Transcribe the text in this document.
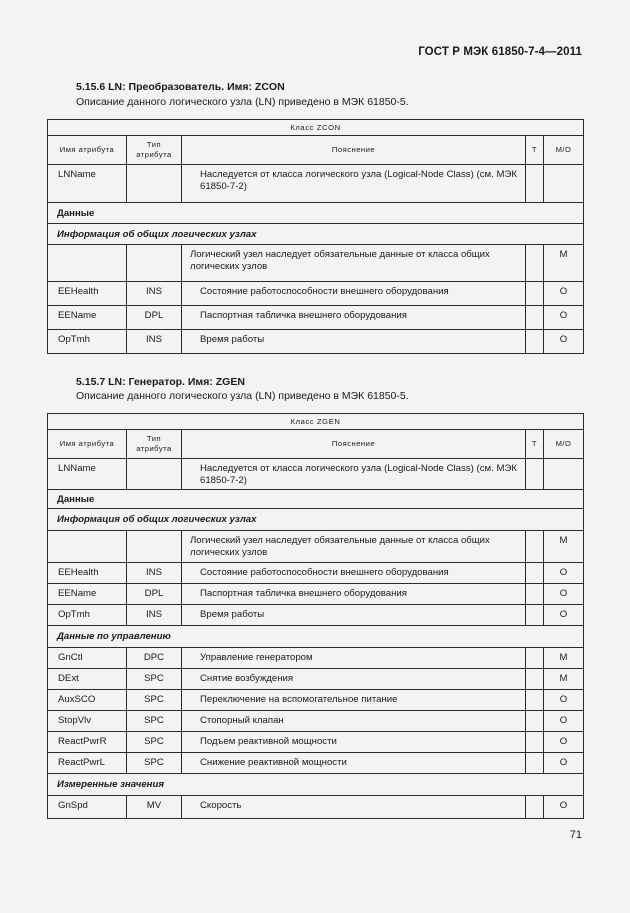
ГОСТ Р МЭК 61850-7-4—2011
5.15.6 LN: Преобразователь. Имя: ZCON
Описание данного логического узла (LN) приведено в МЭК 61850-5.
Класс ZCON				
Имя атрибута	Тип атрибута	Пояснение	Т	М/О
LNName		Наследуется от класса логического узла (Logical-Node Class) (см. МЭК 61850-7-2)		
Данные				
Информация об общих логических узлах				
		Логический узел наследует обязательные данные от класса общих логических узлов		М
EEHealth	INS	Состояние работоспособности внешнего оборудования		О
EEName	DPL	Паспортная табличка внешнего оборудования		О
OpTmh	INS	Время работы		О
5.15.7 LN: Генератор. Имя: ZGEN
Описание данного логического узла (LN) приведено в МЭК 61850-5.
Класс ZGEN				
Имя атрибута	Тип атрибута	Пояснение	Т	М/О
LNName		Наследуется от класса логического узла (Logical-Node Class) (см. МЭК 61850-7-2)		
Данные				
Информация об общих логических узлах				
		Логический узел наследует обязательные данные от класса общих логических узлов		М
EEHealth	INS	Состояние работоспособности внешнего оборудования		О
EEName	DPL	Паспортная табличка внешнего оборудования		О
OpTmh	INS	Время работы		О
Данные по управлению				
GnCtl	DPC	Управление генератором		М
DExt	SPC	Снятие возбуждения		М
AuxSCO	SPC	Переключение на вспомогательное питание		О
StopVlv	SPC	Стопорный клапан		О
ReactPwrR	SPC	Подъем реактивной мощности		О
ReactPwrL	SPC	Снижение реактивной мощности		О
Измеренные значения				
GnSpd	MV	Скорость		О
71
